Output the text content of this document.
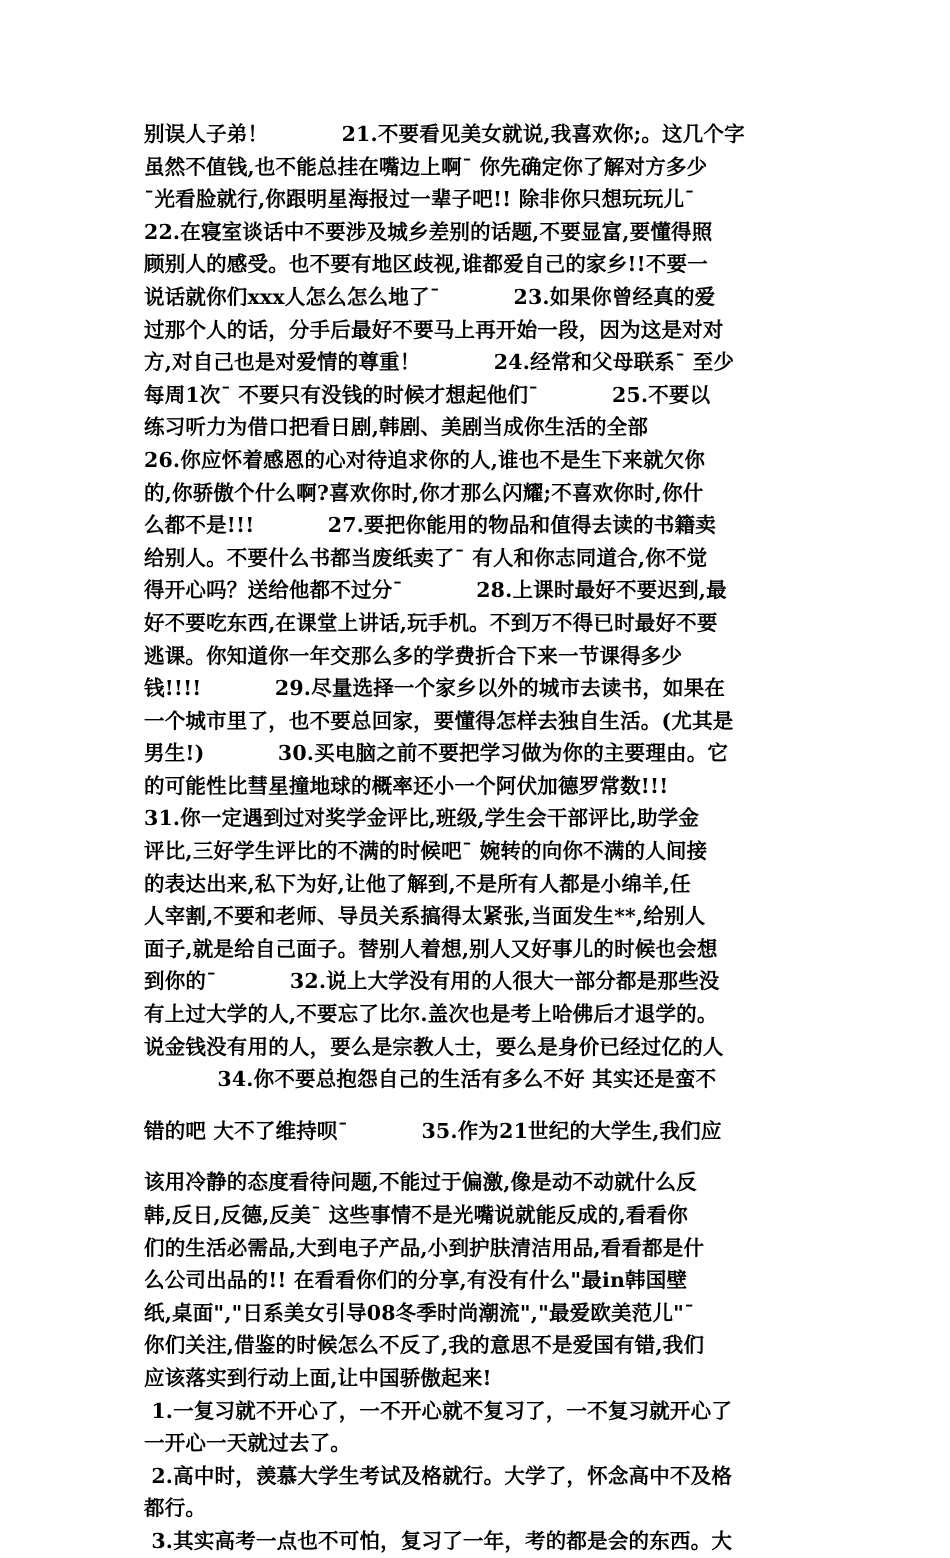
别误人子弟！          21.不要看见美女就说,我喜欢你;。这几个字
虽然不值钱,也不能总挂在嘴边上啊¯ 你先确定你了解对方多少
¯光看脸就行,你跟明星海报过一辈子吧!! 除非你只想玩玩儿¯
22.在寝室谈话中不要涉及城乡差别的话题,不要显富,要懂得照
顾别人的感受。也不要有地区歧视,谁都爱自己的家乡!!不要一
说话就你们xxx人怎么怎么地了¯          23.如果你曾经真的爱
过那个人的话，分手后最好不要马上再开始一段，因为这是对对
方,对自己也是对爱情的尊重！          24.经常和父母联系¯ 至少
每周1次¯ 不要只有没钱的时候才想起他们¯          25.不要以
练习听力为借口把看日剧,韩剧、美剧当成你生活的全部
26.你应怀着感恩的心对待追求你的人,谁也不是生下来就欠你
的,你骄傲个什么啊?喜欢你时,你才那么闪耀;不喜欢你时,你什
么都不是!!!          27.要把你能用的物品和值得去读的书籍卖
给别人。不要什么书都当废纸卖了¯ 有人和你志同道合,你不觉
得开心吗？送给他都不过分¯          28.上课时最好不要迟到,最
好不要吃东西,在课堂上讲话,玩手机。不到万不得已时最好不要
逃课。你知道你一年交那么多的学费折合下来一节课得多少
钱!!!!          29.尽量选择一个家乡以外的城市去读书，如果在
一个城市里了，也不要总回家，要懂得怎样去独自生活。(尤其是
男生!)          30.买电脑之前不要把学习做为你的主要理由。它
的可能性比彗星撞地球的概率还小一个阿伏加德罗常数!!!
31.你一定遇到过对奖学金评比,班级,学生会干部评比,助学金
评比,三好学生评比的不满的时候吧¯ 婉转的向你不满的人间接
的表达出来,私下为好,让他了解到,不是所有人都是小绵羊,任
人宰割,不要和老师、导员关系搞得太紧张,当面发生**,给别人
面子,就是给自己面子。替别人着想,别人又好事儿的时候也会想
到你的¯          32.说上大学没有用的人很大一部分都是那些没
有上过大学的人,不要忘了比尔.盖次也是考上哈佛后才退学的。
说金钱没有用的人，要么是宗教人士，要么是身价已经过亿的人
34.你不要总抱怨自己的生活有多么不好 其实还是蛮不
错的吧 大不了维持呗¯          35.作为21世纪的大学生,我们应
该用冷静的态度看待问题,不能过于偏激,像是动不动就什么反
韩,反日,反德,反美¯ 这些事情不是光嘴说就能反成的,看看你
们的生活必需品,大到电子产品,小到护肤清洁用品,看看都是什
么公司出品的!! 在看看你们的分享,有没有什么"最in韩国壁
纸,桌面","日系美女引导08冬季时尚潮流","最爱欧美范儿"¯
你们关注,借鉴的时候怎么不反了,我的意思不是爱国有错,我们
应该落实到行动上面,让中国骄傲起来!
1.一复习就不开心了，一不开心就不复习了，一不复习就开心了
一开心一天就过去了。
2.高中时，羡慕大学生考试及格就行。大学了，怀念高中不及格
都行。
3.其实高考一点也不可怕，复习了一年，考的都是会的东西。大
